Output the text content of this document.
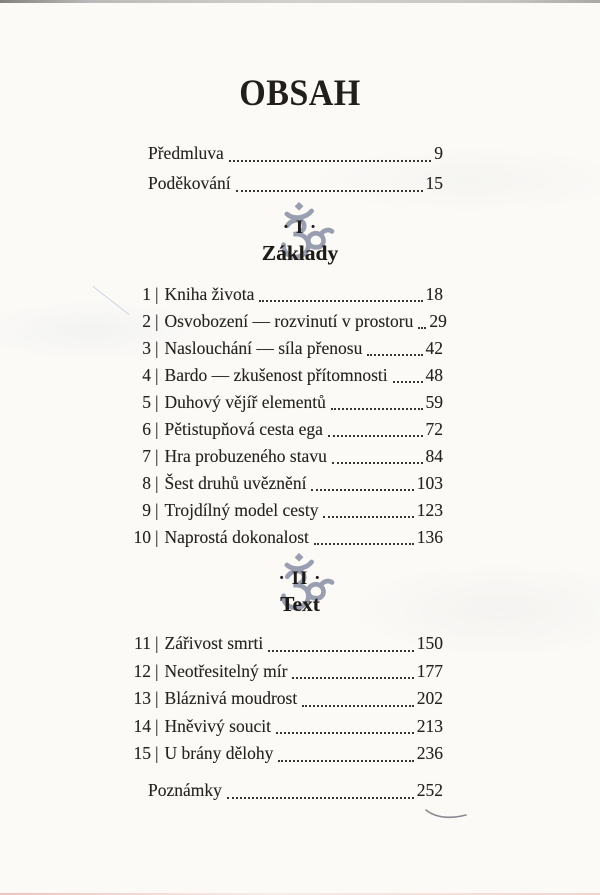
OBSAH
Předmluva	9
Poděkování	15
· I ·
Základy
1 | Kniha života	18
2 | Osvobození — rozvinutí v prostoru 29
3 | Naslouchání — síla přenosu	42
4 | Bardo — zkušenost přítomnosti 48
5 | Duhový vějíř elementů	59
6 | Pětistupňová cesta ega	72
7 | Hra probuzeného stavu	84
8 | Šest druhů uvěznění	103
9 | Trojdílný model cesty	123
10 | Naprostá dokonalost	136
· II ·
Text
11 | Zářivost smrti	150
12 | Neotřesitelný mír	177
13 | Bláznivá moudrost	202
14 | Hněvivý soucit	213
15 | U brány dělohy	236
Poznámky	252
